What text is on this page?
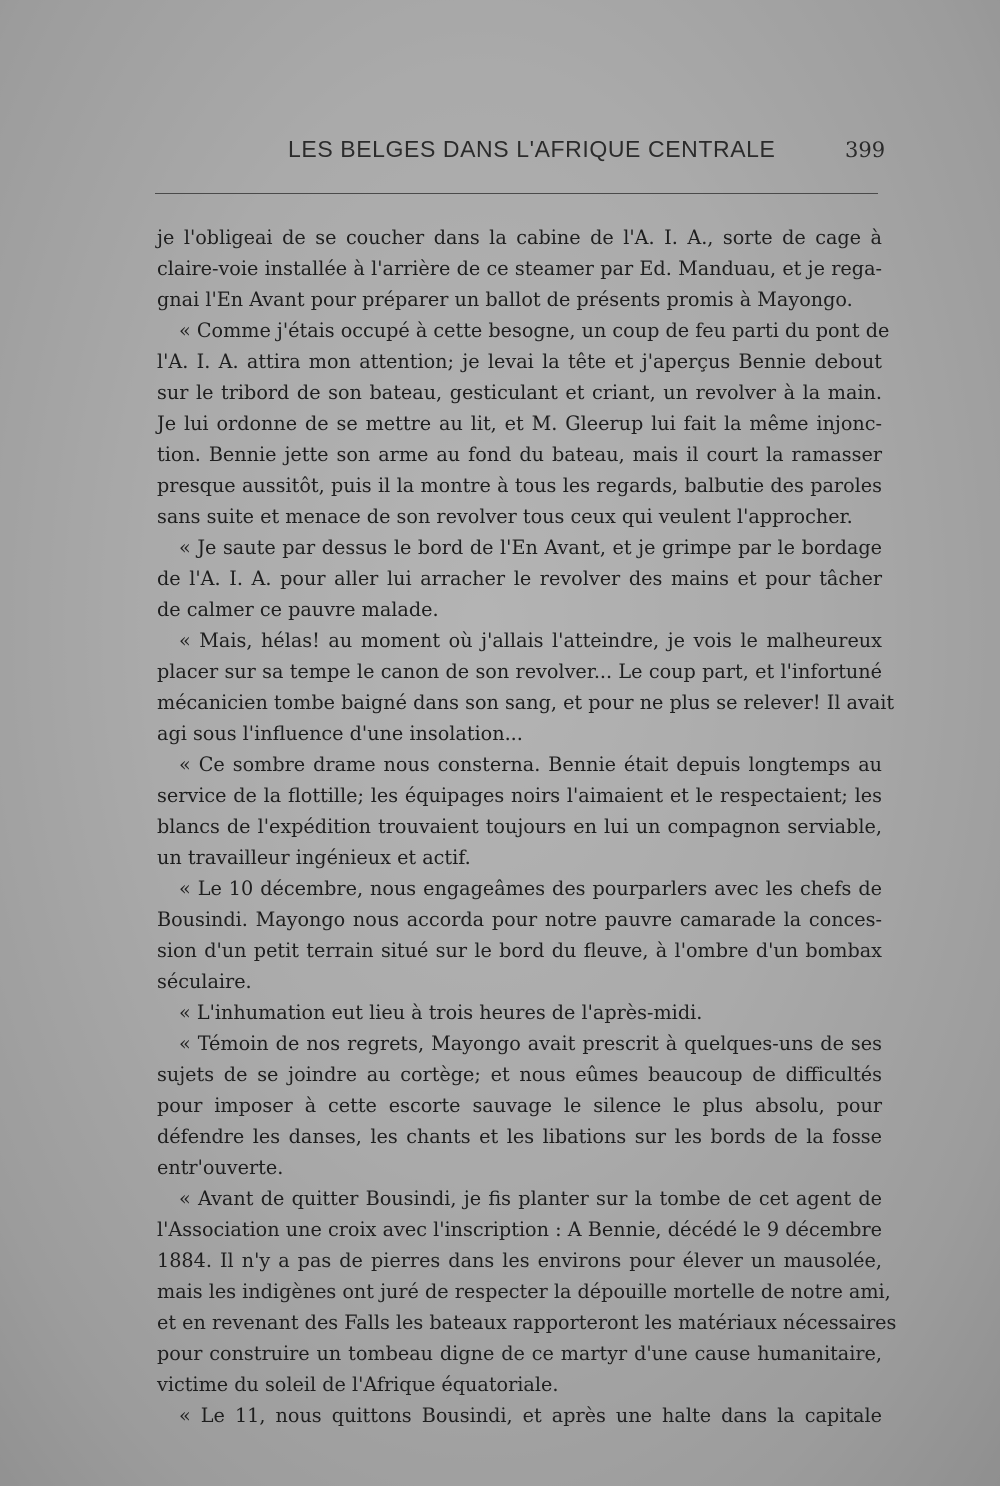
LES BELGES DANS L'AFRIQUE CENTRALE	399
je l'obligeai de se coucher dans la cabine de l'A. I. A., sorte de cage à
claire-voie installée à l'arrière de ce steamer par Ed. Manduau, et je rega-
gnai l'En Avant pour préparer un ballot de présents promis à Mayongo.
« Comme j'étais occupé à cette besogne, un coup de feu parti du pont de
l'A. I. A. attira mon attention; je levai la tête et j'aperçus Bennie debout
sur le tribord de son bateau, gesticulant et criant, un revolver à la main.
Je lui ordonne de se mettre au lit, et M. Gleerup lui fait la même injonc-
tion. Bennie jette son arme au fond du bateau, mais il court la ramasser
presque aussitôt, puis il la montre à tous les regards, balbutie des paroles
sans suite et menace de son revolver tous ceux qui veulent l'approcher.
« Je saute par dessus le bord de l'En Avant, et je grimpe par le bordage
de l'A. I. A. pour aller lui arracher le revolver des mains et pour tâcher
de calmer ce pauvre malade.
« Mais, hélas! au moment où j'allais l'atteindre, je vois le malheureux
placer sur sa tempe le canon de son revolver... Le coup part, et l'infortuné
mécanicien tombe baigné dans son sang, et pour ne plus se relever! Il avait
agi sous l'influence d'une insolation...
« Ce sombre drame nous consterna. Bennie était depuis longtemps au
service de la flottille; les équipages noirs l'aimaient et le respectaient; les
blancs de l'expédition trouvaient toujours en lui un compagnon serviable,
un travailleur ingénieux et actif.
« Le 10 décembre, nous engageâmes des pourparlers avec les chefs de
Bousindi. Mayongo nous accorda pour notre pauvre camarade la conces-
sion d'un petit terrain situé sur le bord du fleuve, à l'ombre d'un bombax
séculaire.
« L'inhumation eut lieu à trois heures de l'après-midi.
« Témoin de nos regrets, Mayongo avait prescrit à quelques-uns de ses
sujets de se joindre au cortège; et nous eûmes beaucoup de difficultés
pour imposer à cette escorte sauvage le silence le plus absolu, pour
défendre les danses, les chants et les libations sur les bords de la fosse
entr'ouverte.
« Avant de quitter Bousindi, je fis planter sur la tombe de cet agent de
l'Association une croix avec l'inscription : A Bennie, décédé le 9 décembre
1884. Il n'y a pas de pierres dans les environs pour élever un mausolée,
mais les indigènes ont juré de respecter la dépouille mortelle de notre ami,
et en revenant des Falls les bateaux rapporteront les matériaux nécessaires
pour construire un tombeau digne de ce martyr d'une cause humanitaire,
victime du soleil de l'Afrique équatoriale.
« Le 11, nous quittons Bousindi, et après une halte dans la capitale
